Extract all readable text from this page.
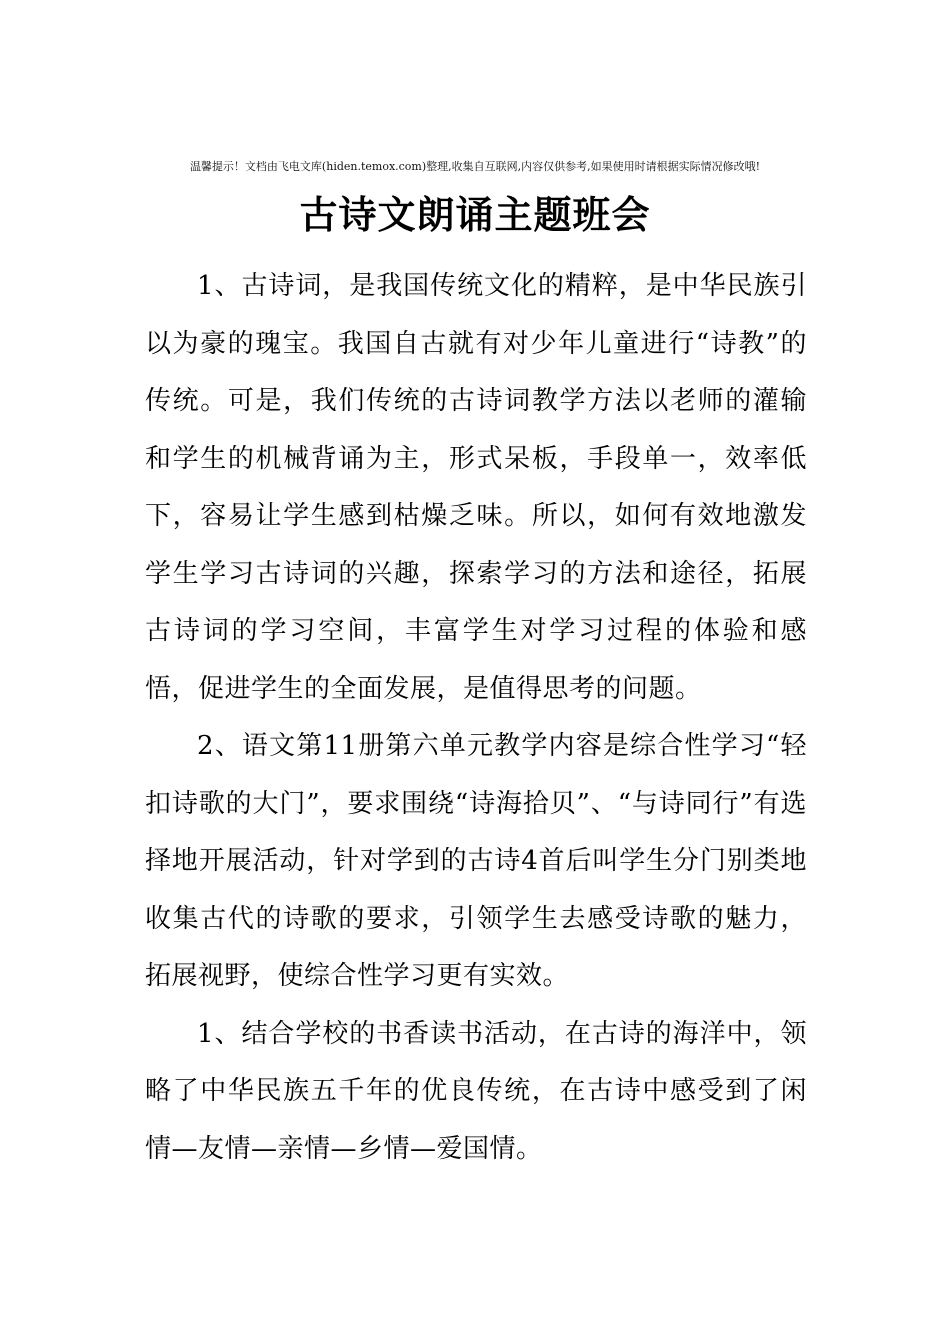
温馨提示！文档由飞电文库(hiden.temox.com)整理,收集自互联网,内容仅供参考,如果使用时请根据实际情况修改哦!
古诗文朗诵主题班会

1、古诗词，是我国传统文化的精粹，是中华民族引以为豪的瑰宝。我国自古就有对少年儿童进行“诗教”的传统。可是，我们传统的古诗词教学方法以老师的灌输和学生的机械背诵为主，形式呆板，手段单一，效率低下，容易让学生感到枯燥乏味。所以，如何有效地激发学生学习古诗词的兴趣，探索学习的方法和途径，拓展古诗词的学习空间，丰富学生对学习过程的体验和感悟，促进学生的全面发展，是值得思考的问题。

2、语文第11册第六单元教学内容是综合性学习“轻扣诗歌的大门”，要求围绕“诗海拾贝”、“与诗同行”有选择地开展活动，针对学到的古诗4首后叫学生分门别类地收集古代的诗歌的要求，引领学生去感受诗歌的魅力，拓展视野，使综合性学习更有实效。

1、结合学校的书香读书活动，在古诗的海洋中，领略了中华民族五千年的优良传统，在古诗中感受到了闲情—友情—亲情—乡情—爱国情。
